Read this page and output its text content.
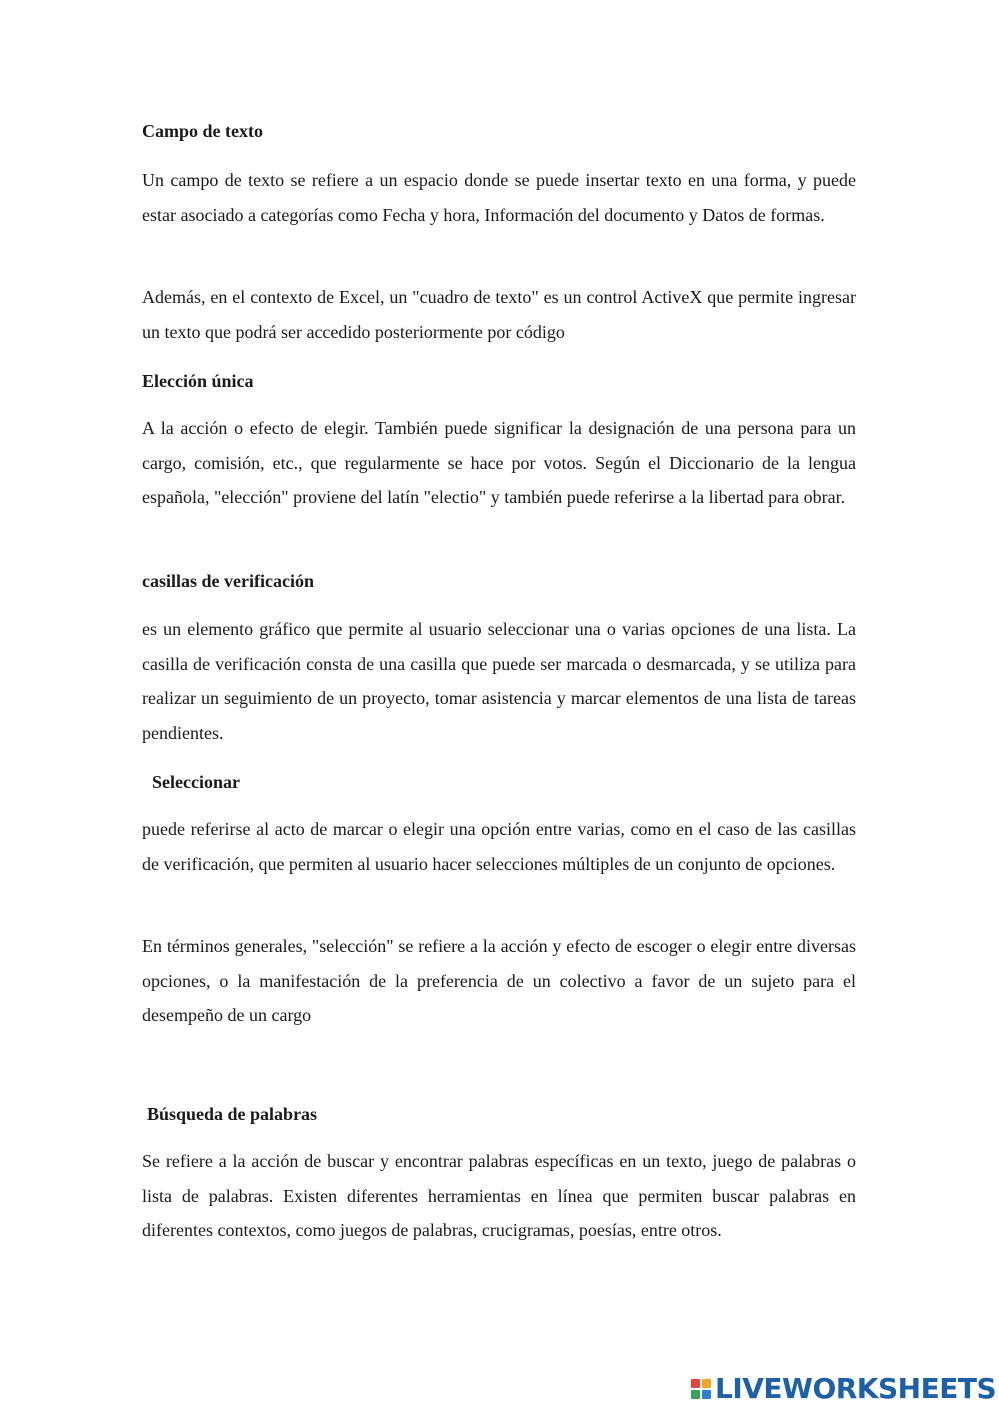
Campo de texto

Un campo de texto se refiere a un espacio donde se puede insertar texto en una forma, y puede estar asociado a categorías como Fecha y hora, Información del documento y Datos de formas.

Además, en el contexto de Excel, un "cuadro de texto" es un control ActiveX que permite ingresar un texto que podrá ser accedido posteriormente por código

Elección única

A la acción o efecto de elegir. También puede significar la designación de una persona para un cargo, comisión, etc., que regularmente se hace por votos. Según el Diccionario de la lengua española, "elección" proviene del latín "electio" y también puede referirse a la libertad para obrar.

casillas de verificación

es un elemento gráfico que permite al usuario seleccionar una o varias opciones de una lista. La casilla de verificación consta de una casilla que puede ser marcada o desmarcada, y se utiliza para realizar un seguimiento de un proyecto, tomar asistencia y marcar elementos de una lista de tareas pendientes.

Seleccionar

puede referirse al acto de marcar o elegir una opción entre varias, como en el caso de las casillas de verificación, que permiten al usuario hacer selecciones múltiples de un conjunto de opciones.

En términos generales, "selección" se refiere a la acción y efecto de escoger o elegir entre diversas opciones, o la manifestación de la preferencia de un colectivo a favor de un sujeto para el desempeño de un cargo

Búsqueda de palabras

Se refiere a la acción de buscar y encontrar palabras específicas en un texto, juego de palabras o lista de palabras. Existen diferentes herramientas en línea que permiten buscar palabras en diferentes contextos, como juegos de palabras, crucigramas, poesías, entre otros.

LIVEWORKSHEETS
